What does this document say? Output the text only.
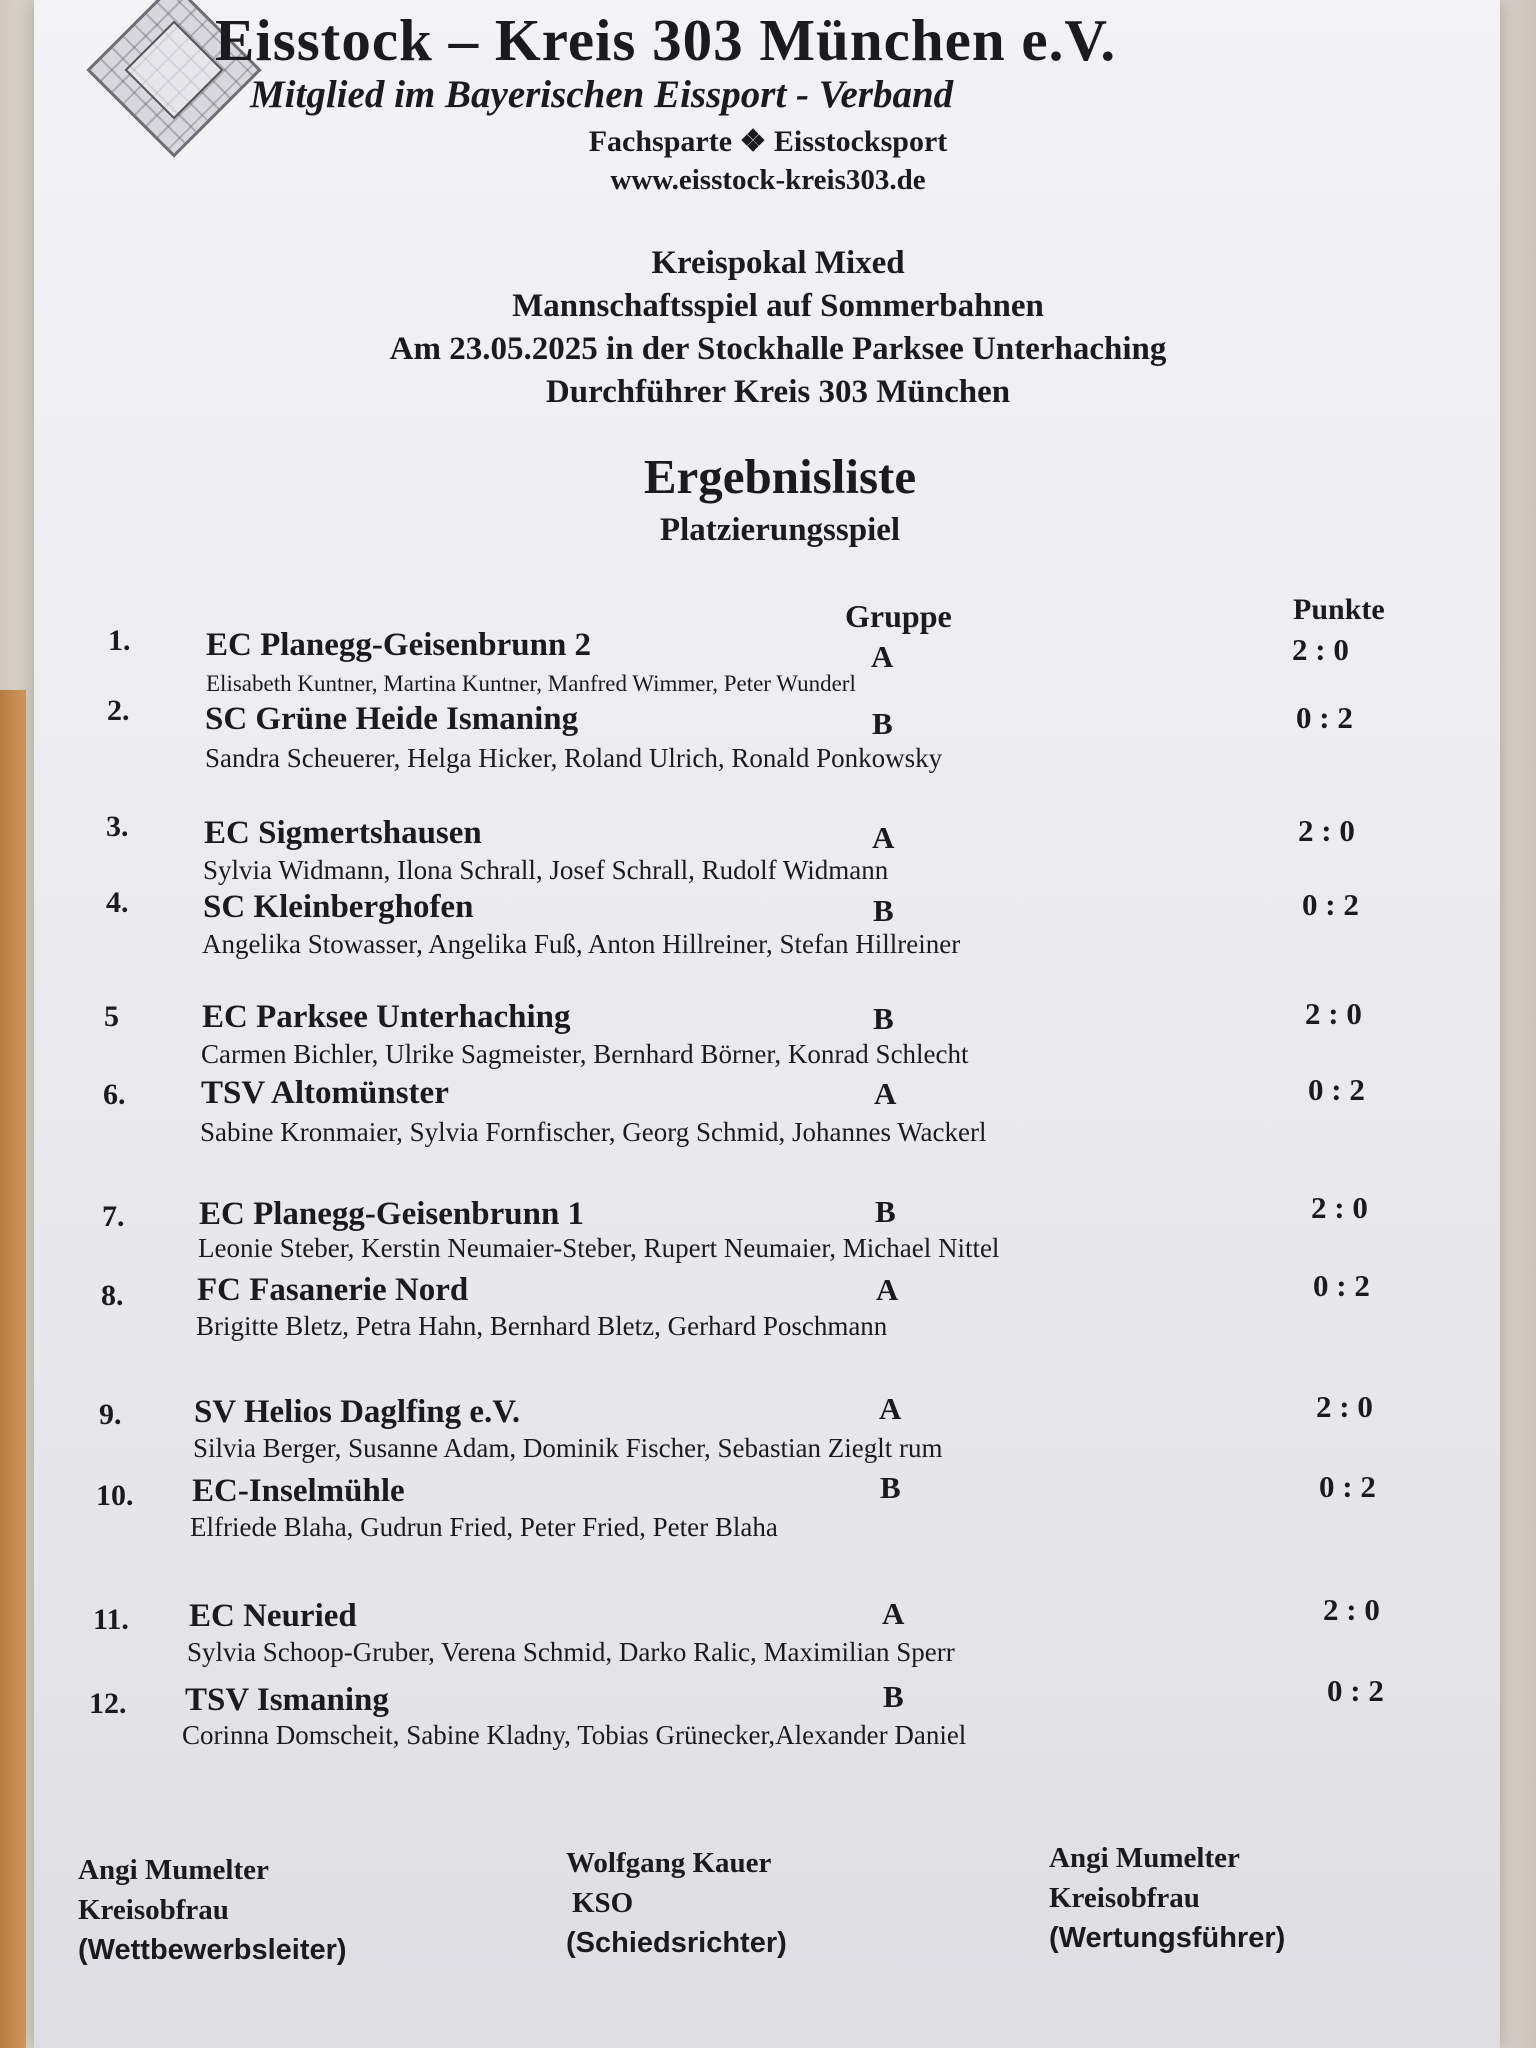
Eisstock – Kreis 303 München e.V.
Mitglied im Bayerischen Eissport - Verband
Fachsparte ❖ Eisstocksport
www.eisstock-kreis303.de
Kreispokal Mixed
Mannschaftsspiel auf Sommerbahnen
Am 23.05.2025 in der Stockhalle Parksee Unterhaching
Durchführer Kreis 303 München
Ergebnisliste
Platzierungsspiel
Gruppe	Punkte
1. EC Planegg-Geisenbrunn 2	A	2 : 0
Elisabeth Kuntner, Martina Kuntner, Manfred Wimmer, Peter Wunderl
2. SC Grüne Heide Ismaning	B	0 : 2
Sandra Scheuerer, Helga Hicker, Roland Ulrich, Ronald Ponkowsky
3. EC Sigmertshausen	A	2 : 0
Sylvia Widmann, Ilona Schrall, Josef Schrall, Rudolf Widmann
4. SC Kleinberghofen	B	0 : 2
Angelika Stowasser, Angelika Fuß, Anton Hillreiner, Stefan Hillreiner
5	EC Parksee Unterhaching	B	2 : 0
Carmen Bichler, Ulrike Sagmeister, Bernhard Börner, Konrad Schlecht
6. TSV Altomünster	A	0 : 2
Sabine Kronmaier, Sylvia Fornfischer, Georg Schmid, Johannes Wackerl
7. EC Planegg-Geisenbrunn 1	B	2 : 0
Leonie Steber, Kerstin Neumaier-Steber, Rupert Neumaier, Michael Nittel
8. FC Fasanerie Nord	A	0 : 2
Brigitte Bletz, Petra Hahn, Bernhard Bletz, Gerhard Poschmann
9. SV Helios Daglfing e.V.	A	2 : 0
Silvia Berger, Susanne Adam, Dominik Fischer, Sebastian Zieglt rum
10. EC-Inselmühle	B	0 : 2
Elfriede Blaha, Gudrun Fried, Peter Fried, Peter Blaha
11. EC Neuried	A	2 : 0
Sylvia Schoop-Gruber, Verena Schmid, Darko Ralic, Maximilian Sperr
12. TSV Ismaning	B	0 : 2
Corinna Domscheit, Sabine Kladny, Tobias Grünecker,Alexander Daniel
Angi Mumelter
Kreisobfrau
(Wettbewerbsleiter)
Wolfgang Kauer
KSO
(Schiedsrichter)
Angi Mumelter
Kreisobfrau
(Wertungsführer)
